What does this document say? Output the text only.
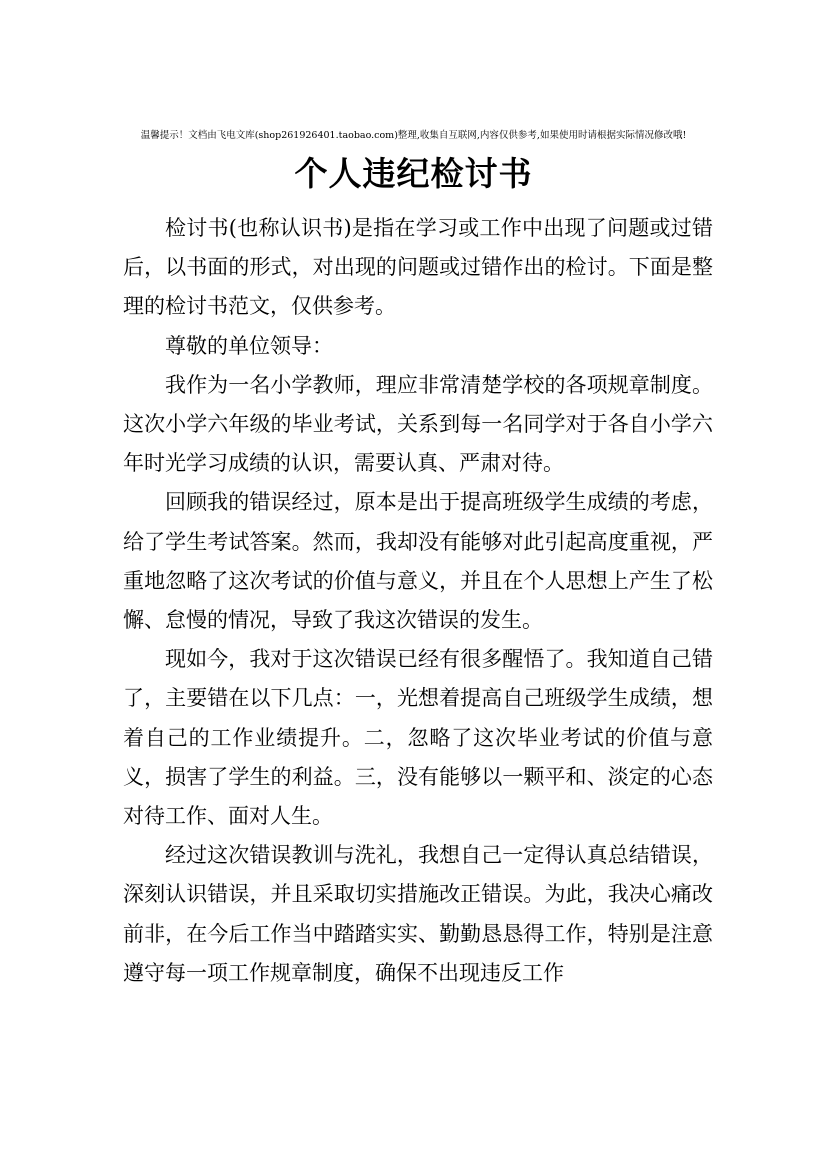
温馨提示！文档由飞电文库(shop261926401.taobao.com)整理,收集自互联网,内容仅供参考,如果使用时请根据实际情况修改哦!
个人违纪检讨书

检讨书(也称认识书)是指在学习或工作中出现了问题或过错后，以书面的形式，对出现的问题或过错作出的检讨。下面是整理的检讨书范文，仅供参考。

尊敬的单位领导：

我作为一名小学教师，理应非常清楚学校的各项规章制度。这次小学六年级的毕业考试，关系到每一名同学对于各自小学六年时光学习成绩的认识，需要认真、严肃对待。

回顾我的错误经过，原本是出于提高班级学生成绩的考虑，给了学生考试答案。然而，我却没有能够对此引起高度重视，严重地忽略了这次考试的价值与意义，并且在个人思想上产生了松懈、怠慢的情况，导致了我这次错误的发生。

现如今，我对于这次错误已经有很多醒悟了。我知道自己错了，主要错在以下几点：一，光想着提高自己班级学生成绩，想着自己的工作业绩提升。二，忽略了这次毕业考试的价值与意义，损害了学生的利益。三，没有能够以一颗平和、淡定的心态对待工作、面对人生。

经过这次错误教训与洗礼，我想自己一定得认真总结错误，深刻认识错误，并且采取切实措施改正错误。为此，我决心痛改前非，在今后工作当中踏踏实实、勤勤恳恳得工作，特别是注意遵守每一项工作规章制度，确保不出现违反工作
